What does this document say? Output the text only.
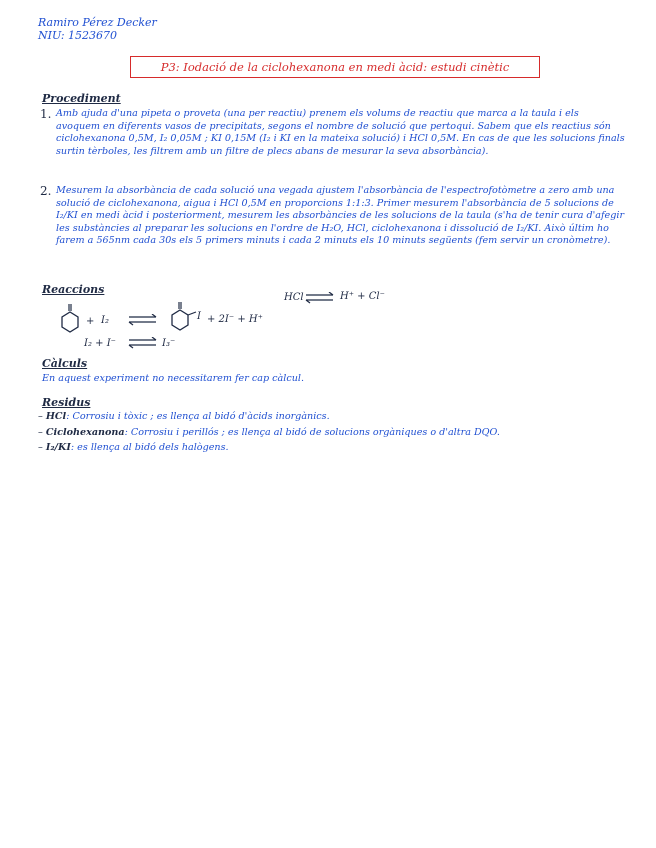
Ramiro Pérez Decker
NIU: 1523670
P3: Iodació de la ciclohexanona en medi àcid: estudi cinètic
Procediment
1. Amb ajuda d'una pipeta o proveta (una per reactiu) prenem els volums de reactiu que marca a la taula i els avoquem en diferents vasos de precipitats, segons el nombre de solució que pertoqui. Sabem que els reactius són ciclohexanona 0,5M, I₂ 0,05M ; KI 0,15M (I₂ i KI en la mateixa solució) i HCl 0,5M. En cas de que les solucions finals surtin tèrboles, les filtrem amb un filtre de plecs abans de mesurar la seva absorbància).
2. Mesurem la absorbància de cada solució una vegada ajustem l'absorbància de l'espectrofotòmetre a zero amb una solució de ciclohexanona, aigua i HCl 0,5M en proporcions 1:1:3. Primer mesurem l'absorbància de 5 solucions de I₂/KI en medi àcid i posteriorment, mesurem les absorbàncies de les solucions de la taula (s'ha de tenir cura d'afegir les substàncies al preparar les solucions en l'ordre de H₂O, HCl, ciclohexanona i dissolució de I₂/KI. Això últim ho farem a 565nm cada 30s els 5 primers minuts i cada 2 minuts els 10 minuts següents (fem servir un cronòmetre).
Reaccions
+ I₂ ⇌	I + 2I⁻ + H⁺
HCl ⇌ H⁺ + Cl⁻
I₂ + I⁻ ⇌ I₃⁻
Càlculs
En aquest experiment no necessitarem fer cap càlcul.
Residus
– HCl: Corrosiu i tòxic ; es llença al bidó d'àcids inorgànics.
– Ciclohexanona: Corrosiu i perillós ; es llença al bidó de solucions orgàniques o d'altra DQO.
– I₂/KI: es llença al bidó dels halògens.
